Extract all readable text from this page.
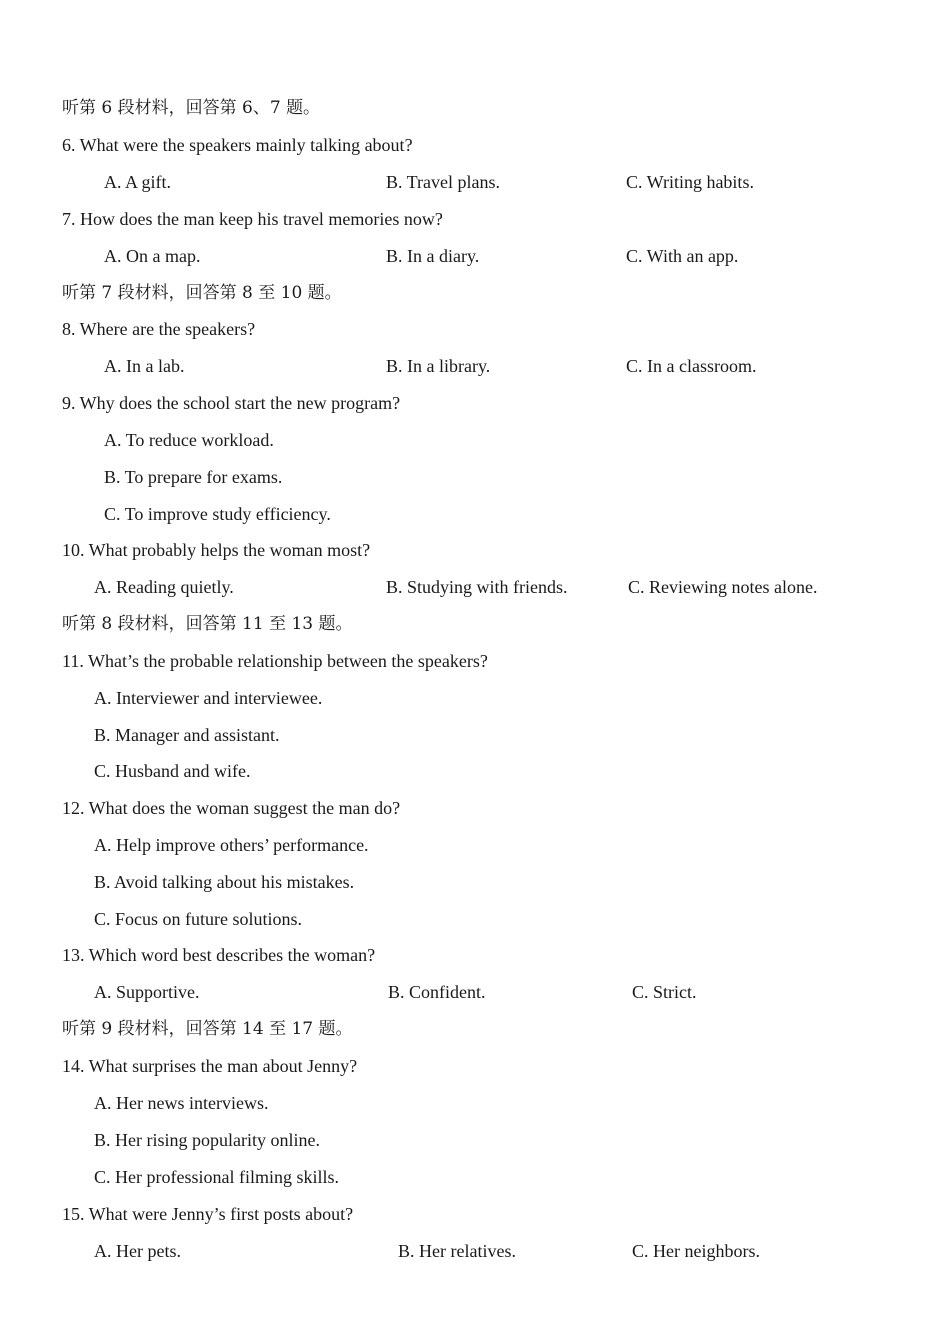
听第 6 段材料，回答第 6、7 题。
6. What were the speakers mainly talking about?
A. A gift.	B. Travel plans.	C. Writing habits.
7. How does the man keep his travel memories now?
A. On a map.	B. In a diary.	C. With an app.
听第 7 段材料，回答第 8 至 10 题。
8. Where are the speakers?
A. In a lab.	B. In a library.	C. In a classroom.
9. Why does the school start the new program?
A. To reduce workload.
B. To prepare for exams.
C. To improve study efficiency.
10. What probably helps the woman most?
A. Reading quietly.	B. Studying with friends.	C. Reviewing notes alone.
听第 8 段材料，回答第 11 至 13 题。
11. What’s the probable relationship between the speakers?
A. Interviewer and interviewee.
B. Manager and assistant.
C. Husband and wife.
12. What does the woman suggest the man do?
A. Help improve others’ performance.
B. Avoid talking about his mistakes.
C. Focus on future solutions.
13. Which word best describes the woman?
A. Supportive.	B. Confident.	C. Strict.
听第 9 段材料，回答第 14 至 17 题。
14. What surprises the man about Jenny?
A. Her news interviews.
B. Her rising popularity online.
C. Her professional filming skills.
15. What were Jenny’s first posts about?
A. Her pets.	B. Her relatives.	C. Her neighbors.
